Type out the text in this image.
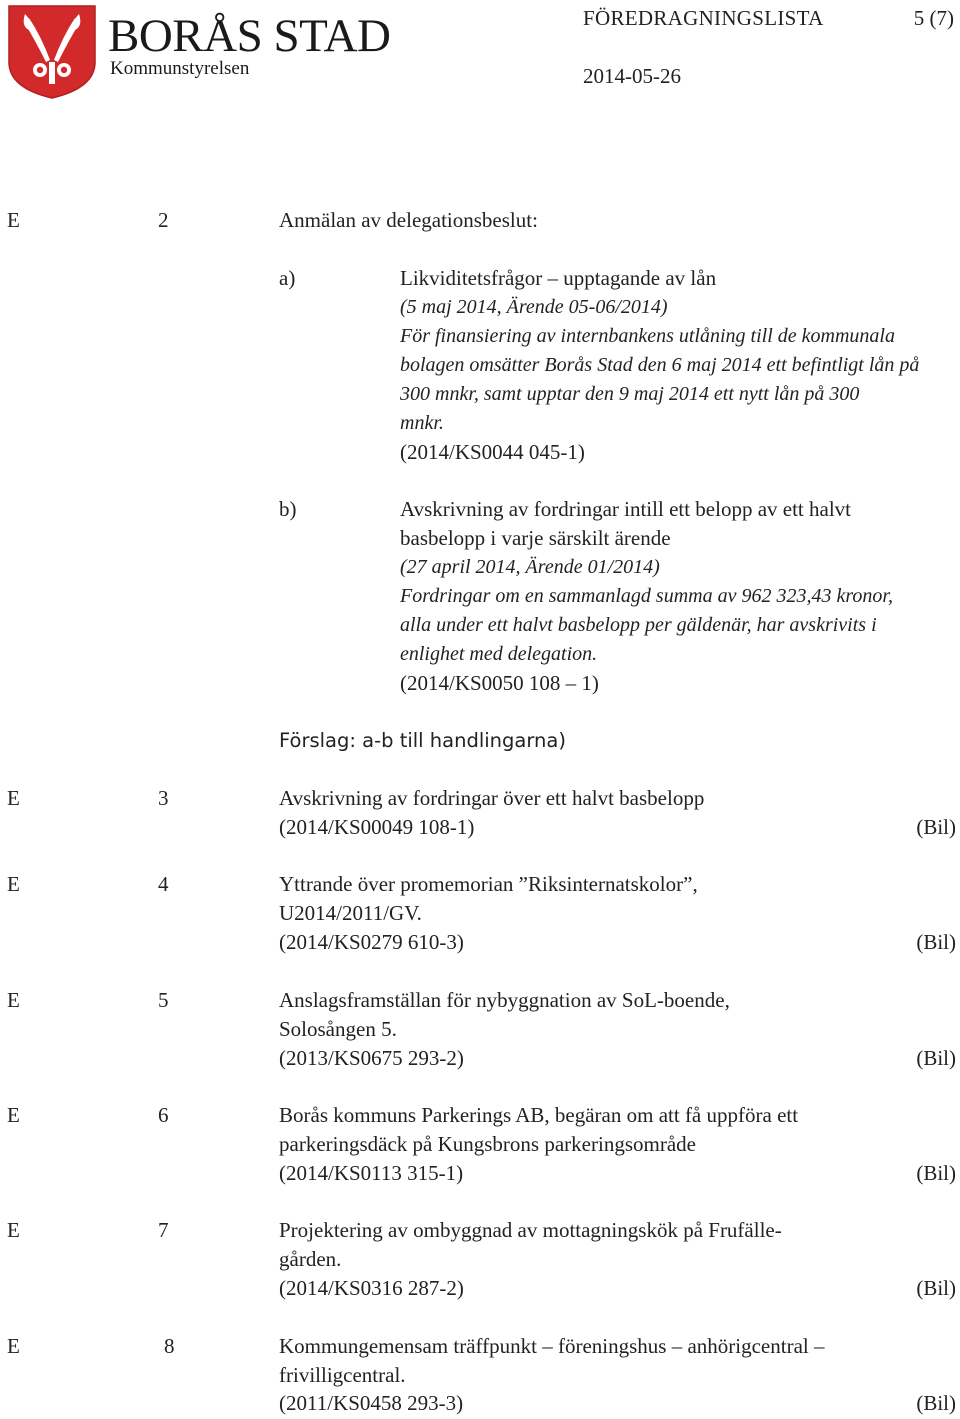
BORÅS STAD
Kommunstyrelsen
FÖREDRAGNINGSLISTA	5 (7)
2014-05-26
E	2	Anmälan av delegationsbeslut:
a)	Likviditetsfrågor – upptagande av lån
(5 maj 2014, Ärende 05-06/2014)
För finansiering av internbankens utlåning till de kommunala
bolagen omsätter Borås Stad den 6 maj 2014 ett befintligt lån på
300 mnkr, samt upptar den 9 maj 2014 ett nytt lån på 300
mnkr.
(2014/KS0044 045-1)
b)	Avskrivning av fordringar intill ett belopp av ett halvt
basbelopp i varje särskilt ärende
(27 april 2014, Ärende 01/2014)
Fordringar om en sammanlagd summa av 962 323,43 kronor,
alla under ett halvt basbelopp per gäldenär, har avskrivits i
enlighet med delegation.
(2014/KS0050 108 – 1)
Förslag: a-b till handlingarna)
E	3	Avskrivning av fordringar över ett halvt basbelopp
(2014/KS00049 108-1)	(Bil)
E	4	Yttrande över promemorian ”Riksinternatskolor”,
U2014/2011/GV.
(2014/KS0279 610-3)	(Bil)
E	5	Anslagsframställan för nybyggnation av SoL-boende,
Solosången 5.
(2013/KS0675 293-2)	(Bil)
E	6	Borås kommuns Parkerings AB, begäran om att få uppföra ett
parkeringsdäck på Kungsbrons parkeringsområde
(2014/KS0113 315-1)	(Bil)
E	7	Projektering av ombyggnad av mottagningskök på Frufälle-
gården.
(2014/KS0316 287-2)	(Bil)
E	8	Kommungemensam träffpunkt – föreningshus – anhörigcentral –
frivilligcentral.
(2011/KS0458 293-3)	(Bil)
